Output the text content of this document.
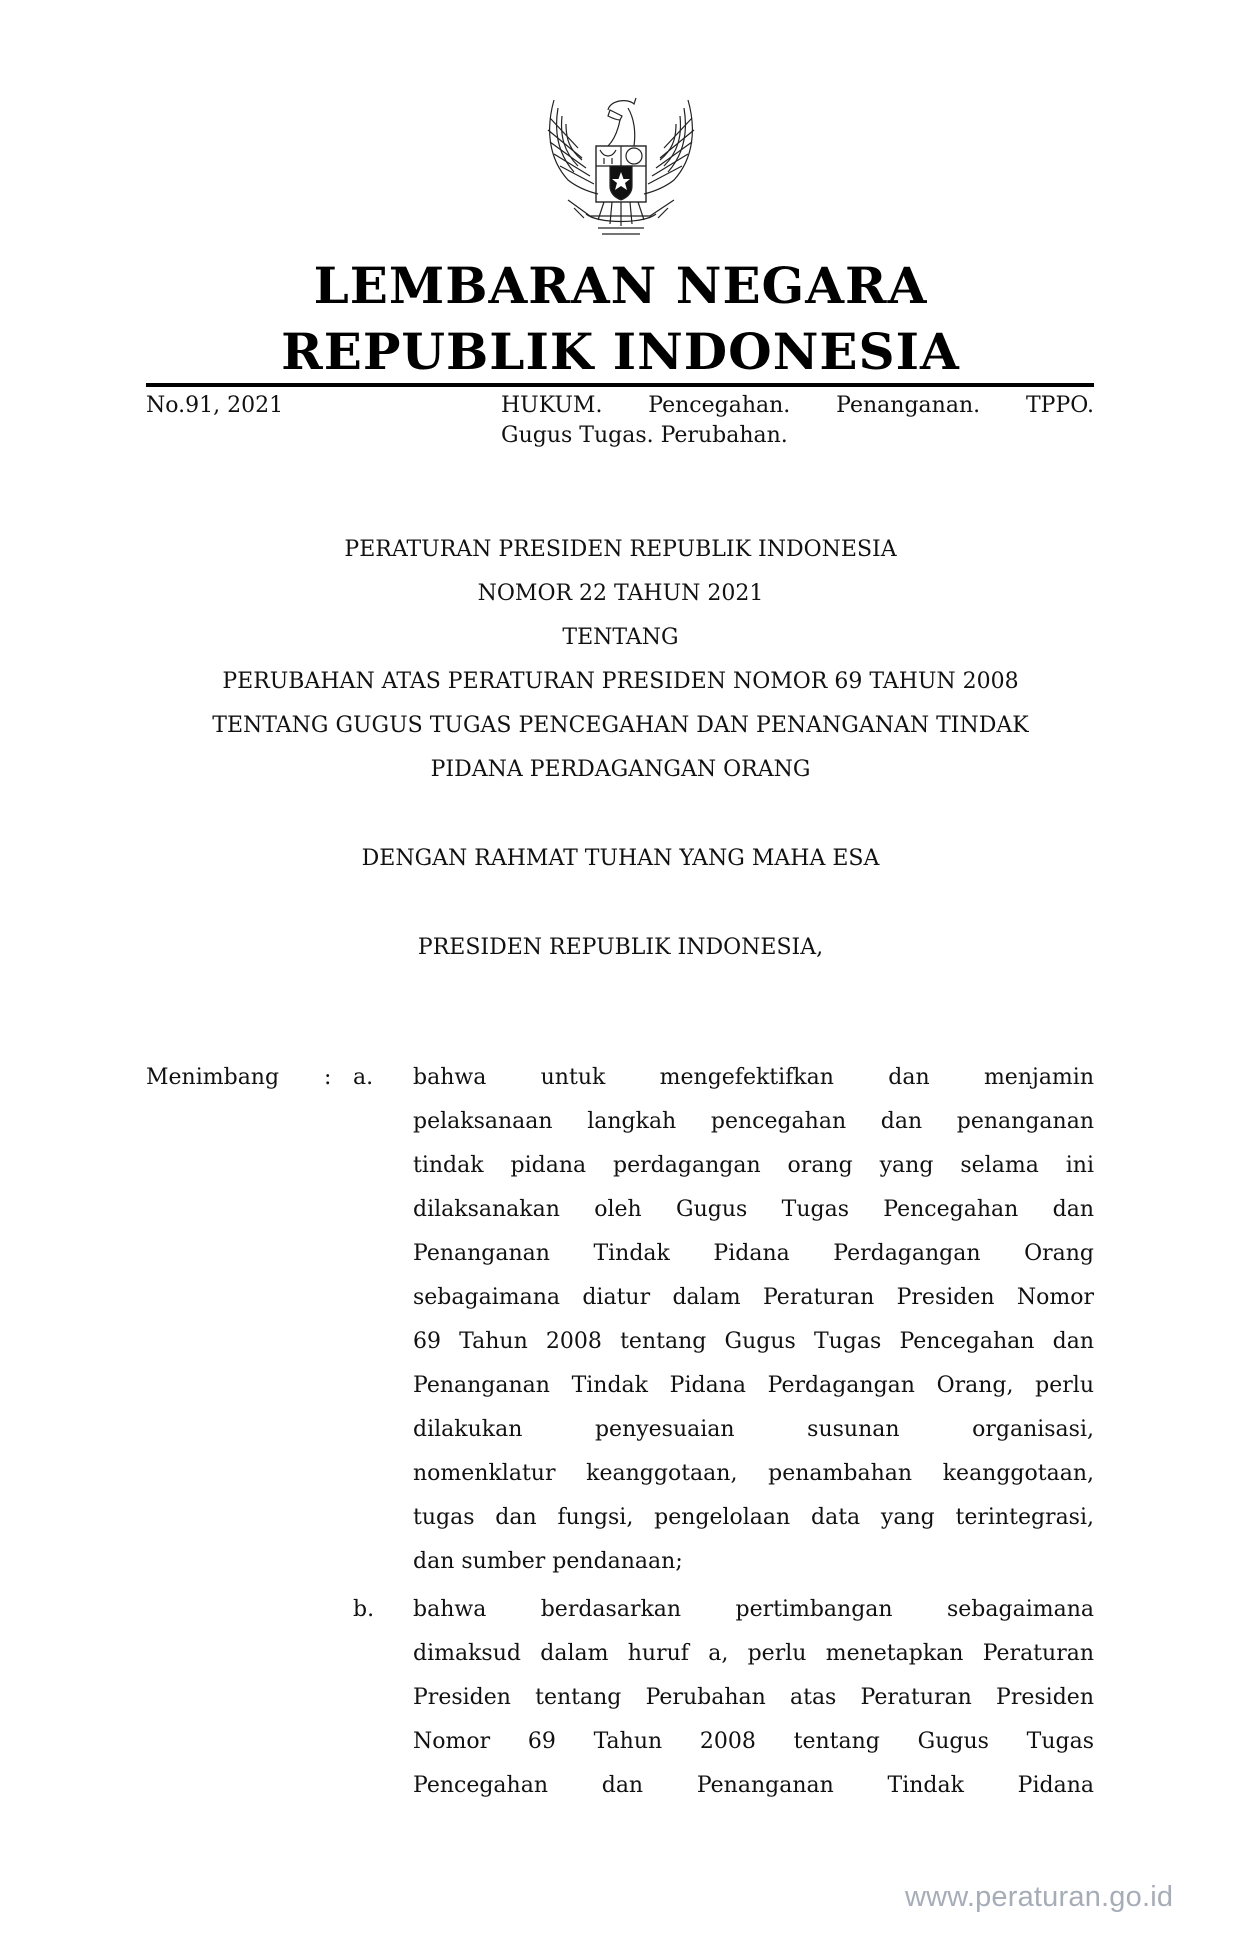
LEMBARAN NEGARA
REPUBLIK INDONESIA
No.91, 2021	HUKUM. Pencegahan. Penanganan. TPPO.
Gugus Tugas. Perubahan.
PERATURAN PRESIDEN REPUBLIK INDONESIA
NOMOR 22 TAHUN 2021
TENTANG
PERUBAHAN ATAS PERATURAN PRESIDEN NOMOR 69 TAHUN 2008
TENTANG GUGUS TUGAS PENCEGAHAN DAN PENANGANAN TINDAK
PIDANA PERDAGANGAN ORANG
DENGAN RAHMAT TUHAN YANG MAHA ESA
PRESIDEN REPUBLIK INDONESIA,
Menimbang : a. bahwa untuk mengefektifkan dan menjamin
pelaksanaan langkah pencegahan dan penanganan
tindak pidana perdagangan orang yang selama ini
dilaksanakan oleh Gugus Tugas Pencegahan dan
Penanganan Tindak Pidana Perdagangan Orang
sebagaimana diatur dalam Peraturan Presiden Nomor
69 Tahun 2008 tentang Gugus Tugas Pencegahan dan
Penanganan Tindak Pidana Perdagangan Orang, perlu
dilakukan penyesuaian susunan organisasi,
nomenklatur keanggotaan, penambahan keanggotaan,
tugas dan fungsi, pengelolaan data yang terintegrasi,
dan sumber pendanaan;
b. bahwa berdasarkan pertimbangan sebagaimana
dimaksud dalam huruf a, perlu menetapkan Peraturan
Presiden tentang Perubahan atas Peraturan Presiden
Nomor 69 Tahun 2008 tentang Gugus Tugas
Pencegahan dan Penanganan Tindak Pidana
www.peraturan.go.id
